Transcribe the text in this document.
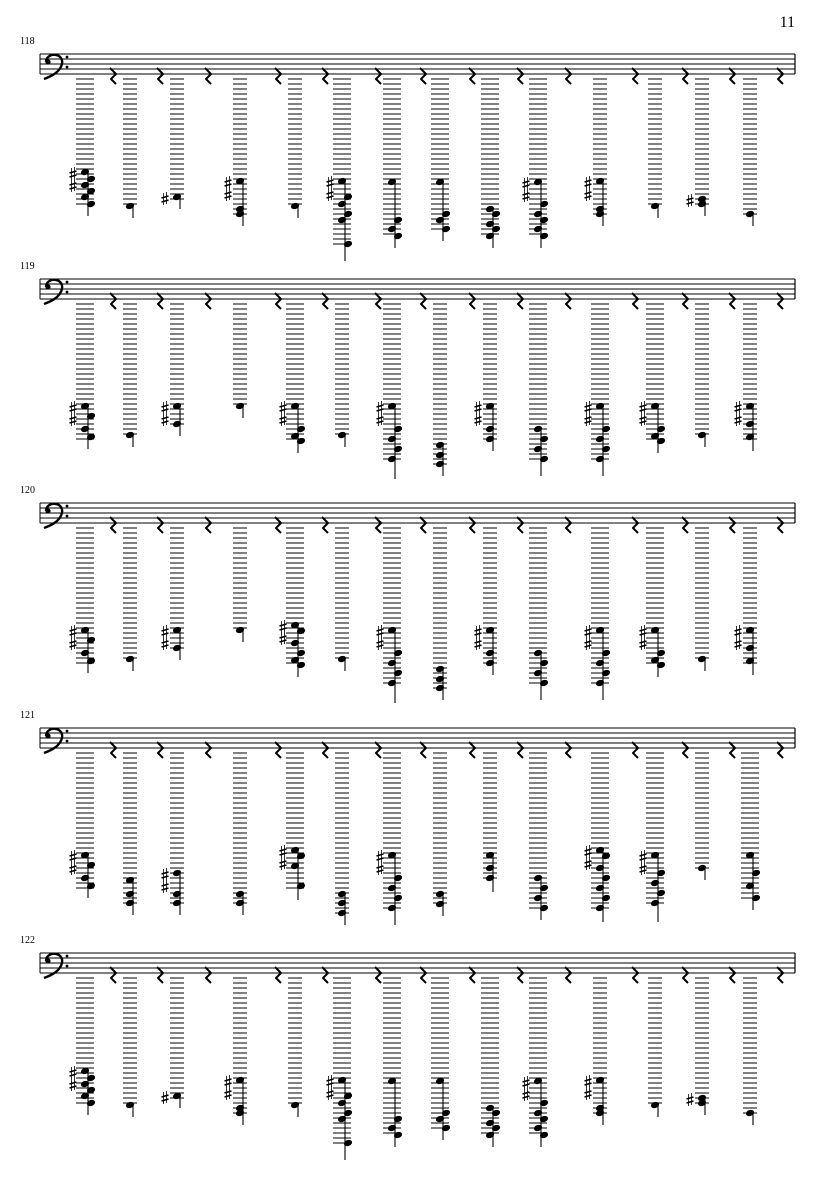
11
118
119
120
121
122
